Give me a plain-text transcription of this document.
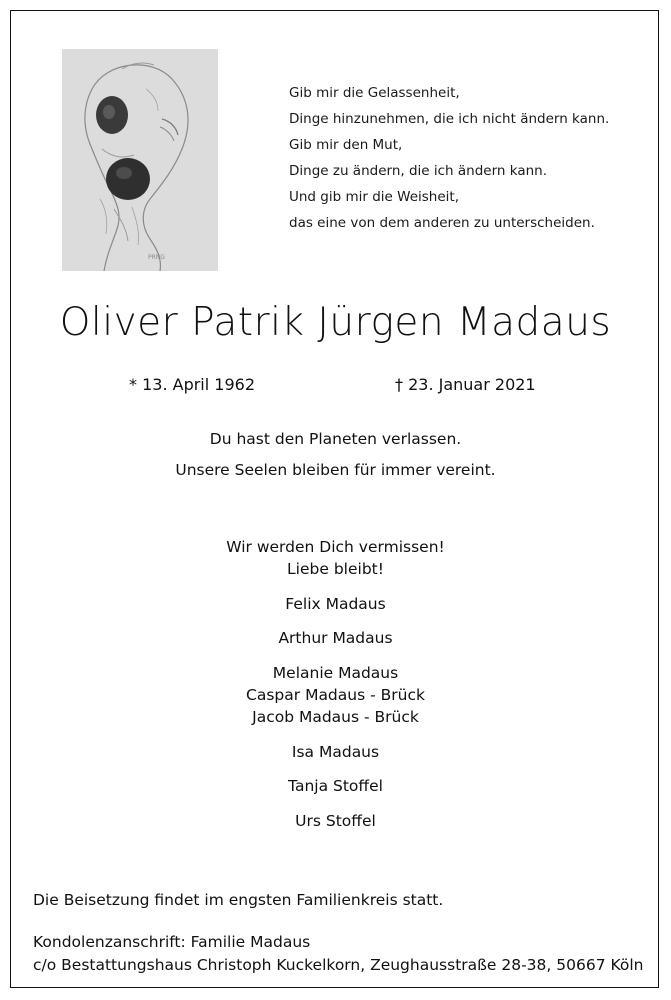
PRNG
Gib mir die Gelassenheit,
Dinge hinzunehmen, die ich nicht ändern kann.
Gib mir den Mut,
Dinge zu ändern, die ich ändern kann.
Und gib mir die Weisheit,
das eine von dem anderen zu unterscheiden.
Oliver Patrik Jürgen Madaus
* 13. April 1962	† 23. Januar 2021
Du hast den Planeten verlassen.
Unsere Seelen bleiben für immer vereint.
Wir werden Dich vermissen!
Liebe bleibt!
Felix Madaus
Arthur Madaus
Melanie Madaus
Caspar Madaus - Brück
Jacob Madaus - Brück
Isa Madaus
Tanja Stoffel
Urs Stoffel
Die Beisetzung findet im engsten Familienkreis statt.
Kondolenzanschrift: Familie Madaus
c/o Bestattungshaus Christoph Kuckelkorn, Zeughausstraße 28-38, 50667 Köln
